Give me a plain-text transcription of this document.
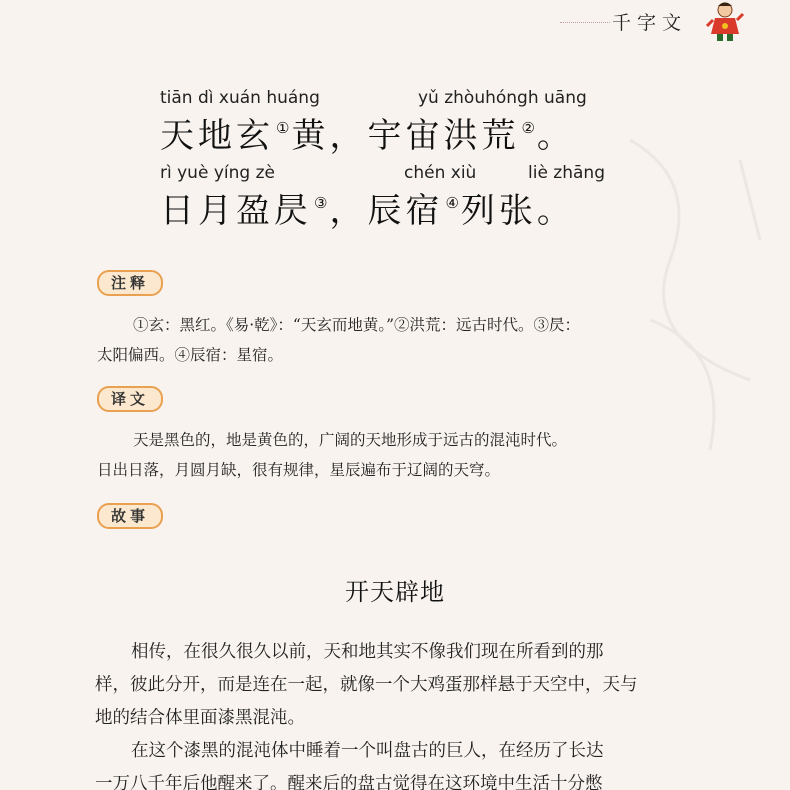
千字文
tiān dì xuán huáng	yǔ zhòuhóngh uāng
天地玄 ①黄，宇宙洪荒 ②。
rì yuè yíng zè	chén xiù	liè zhāng
日月盈昃 ③，辰宿 ④列张。
注释
①玄：黑红。《易·乾》：“天玄而地黄。”②洪荒：远古时代。③昃：
太阳偏西。④辰宿：星宿。
译文
天是黑色的，地是黄色的，广阔的天地形成于远古的混沌时代。
日出日落，月圆月缺，很有规律，星辰遍布于辽阔的天穹。
故事
开天辟地
相传，在很久很久以前，天和地其实不像我们现在所看到的那
样，彼此分开，而是连在一起，就像一个大鸡蛋那样悬于天空中，天与
地的结合体里面漆黑混沌。
在这个漆黑的混沌体中睡着一个叫盘古的巨人，在经历了长达
一万八千年后他醒来了。醒来后的盘古觉得在这环境中生活十分憋
